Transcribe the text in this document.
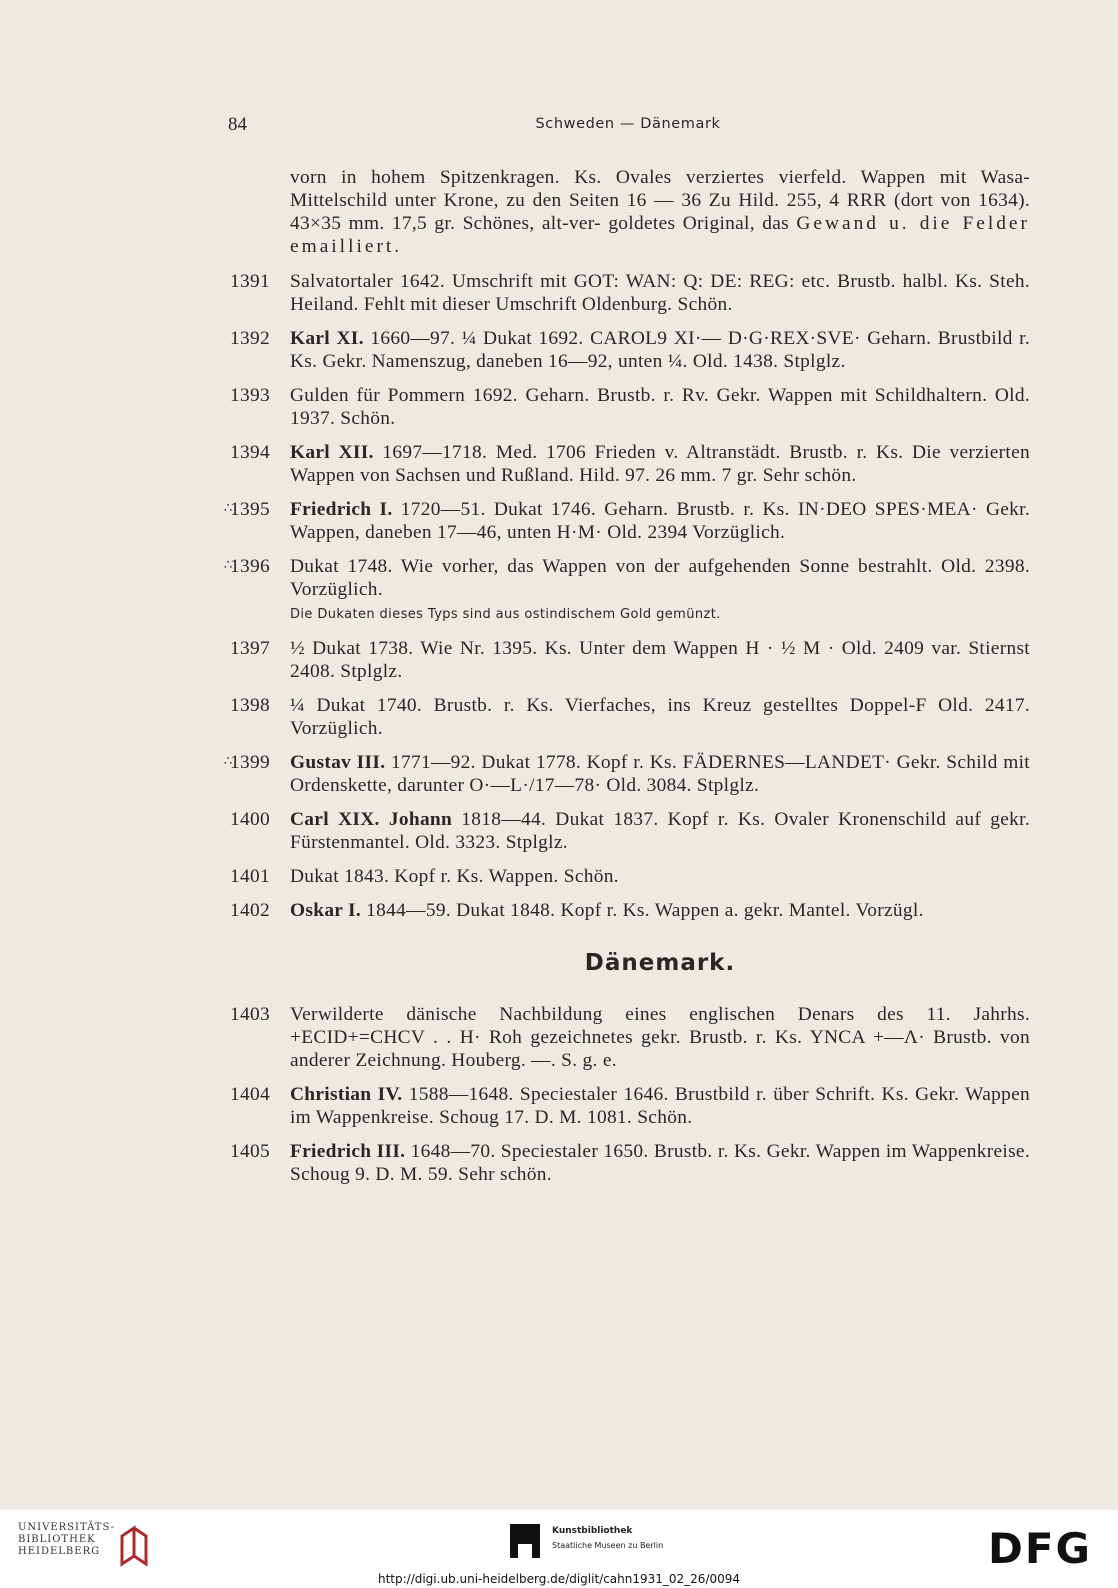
84	Schweden — Dänemark
vorn in hohem Spitzenkragen. Ks. Ovales verziertes vierfeld. Wappen mit Wasa-Mittelschild unter Krone, zu den Seiten 16 — 36 Zu Hild. 255, 4 RRR (dort von 1634). 43×35 mm. 17,5 gr. Schönes, alt-ver- goldetes Original, das Gewand u. die Felder emailliert.
1391	Salvatortaler 1642. Umschrift mit GOT: WAN: Q: DE: REG: etc. Brustb. halbl. Ks. Steh. Heiland. Fehlt mit dieser Umschrift Oldenburg. Schön.
1392	Karl XI. 1660—97. ¼ Dukat 1692. CAROL9 XI·— D·G·REX·SVE· Geharn. Brustbild r. Ks. Gekr. Namenszug, daneben 16—92, unten ¼. Old. 1438. Stplglz.
1393	Gulden für Pommern 1692. Geharn. Brustb. r. Rv. Gekr. Wappen mit Schildhaltern. Old. 1937. Schön.
1394	Karl XII. 1697—1718. Med. 1706 Frieden v. Altranstädt. Brustb. r. Ks. Die verzierten Wappen von Sachsen und Rußland. Hild. 97. 26 mm. 7 gr. Sehr schön.
∴
1395	Friedrich I. 1720—51. Dukat 1746. Geharn. Brustb. r. Ks. IN·DEO SPES·MEA· Gekr. Wappen, daneben 17—46, unten H·M· Old. 2394 Vorzüglich.
∴
1396	Dukat 1748. Wie vorher, das Wappen von der aufgehenden Sonne bestrahlt. Old. 2398. Vorzüglich.
Die Dukaten dieses Typs sind aus ostindischem Gold gemünzt.
1397	½ Dukat 1738. Wie Nr. 1395. Ks. Unter dem Wappen H · ½ M · Old. 2409 var. Stiernst 2408. Stplglz.
1398	¼ Dukat 1740. Brustb. r. Ks. Vierfaches, ins Kreuz gestelltes Doppel-F Old. 2417. Vorzüglich.
∴
1399	Gustav III. 1771—92. Dukat 1778. Kopf r. Ks. FÄDERNES—LANDET· Gekr. Schild mit Ordenskette, darunter O·—L·/17—78· Old. 3084. Stplglz.
1400	Carl XIX. Johann 1818—44. Dukat 1837. Kopf r. Ks. Ovaler Kronenschild auf gekr. Fürstenmantel. Old. 3323. Stplglz.
1401	Dukat 1843. Kopf r. Ks. Wappen. Schön.
1402	Oskar I. 1844—59. Dukat 1848. Kopf r. Ks. Wappen a. gekr. Mantel. Vorzügl.
Dänemark.
1403	Verwilderte dänische Nachbildung eines englischen Denars des 11. Jahrhs. +ECID+=CHCV . . H· Roh gezeichnetes gekr. Brustb. r. Ks. YNCA +—Λ· Brustb. von anderer Zeichnung. Houberg. —. S. g. e.
1404	Christian IV. 1588—1648. Speciestaler 1646. Brustbild r. über Schrift. Ks. Gekr. Wappen im Wappenkreise. Schoug 17. D. M. 1081. Schön.
1405	Friedrich III. 1648—70. Speciestaler 1650. Brustb. r. Ks. Gekr. Wappen im Wappenkreise. Schoug 9. D. M. 59. Sehr schön.
UNIVERSITÄTS-
BIBLIOTHEK
HEIDELBERG
Kunstbibliothek
Staatliche Museen zu Berlin	DFG
http://digi.ub.uni-heidelberg.de/diglit/cahn1931_02_26/0094
